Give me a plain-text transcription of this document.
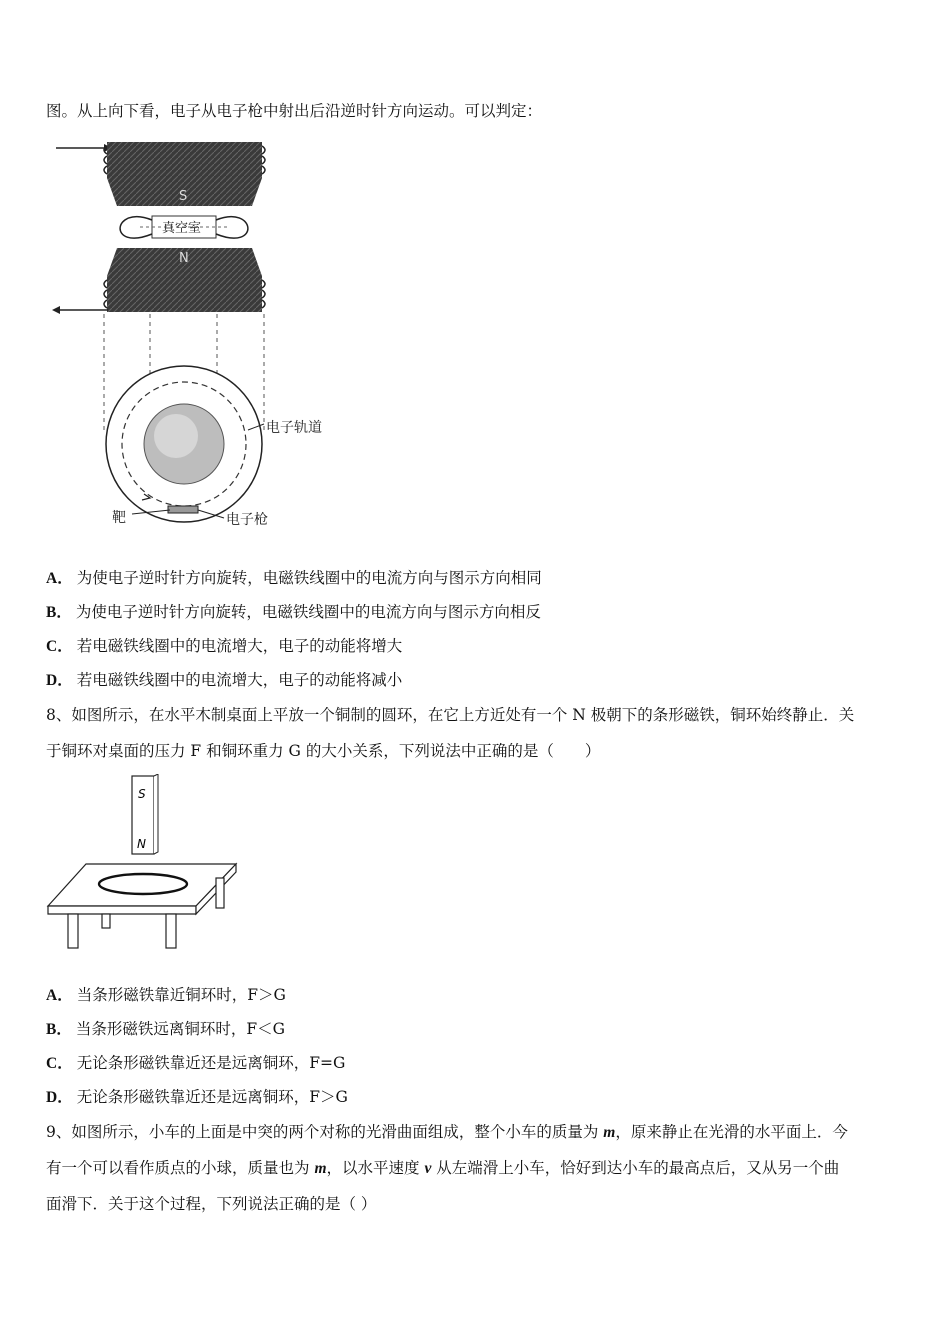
图。从上向下看，电子从电子枪中射出后沿逆时针方向运动。可以判定：
S
真空室
N
电子轨道
靶	电子枪
A． 为使电子逆时针方向旋转，电磁铁线圈中的电流方向与图示方向相同
B． 为使电子逆时针方向旋转，电磁铁线圈中的电流方向与图示方向相反
C． 若电磁铁线圈中的电流增大，电子的动能将增大
D． 若电磁铁线圈中的电流增大，电子的动能将减小
8、如图所示，在水平木制桌面上平放一个铜制的圆环，在它上方近处有一个 N 极朝下的条形磁铁，铜环始终静止．关
于铜环对桌面的压力 F 和铜环重力 G 的大小关系，下列说法中正确的是（　　）
S
N
A． 当条形磁铁靠近铜环时，F＞G
B． 当条形磁铁远离铜环时，F＜G
C． 无论条形磁铁靠近还是远离铜环，F=G
D． 无论条形磁铁靠近还是远离铜环，F＞G
9、如图所示，小车的上面是中突的两个对称的光滑曲面组成，整个小车的质量为 m，原来静止在光滑的水平面上．今
有一个可以看作质点的小球，质量也为 m，以水平速度 v 从左端滑上小车，恰好到达小车的最高点后，又从另一个曲
面滑下．关于这个过程，下列说法正确的是（ ）
